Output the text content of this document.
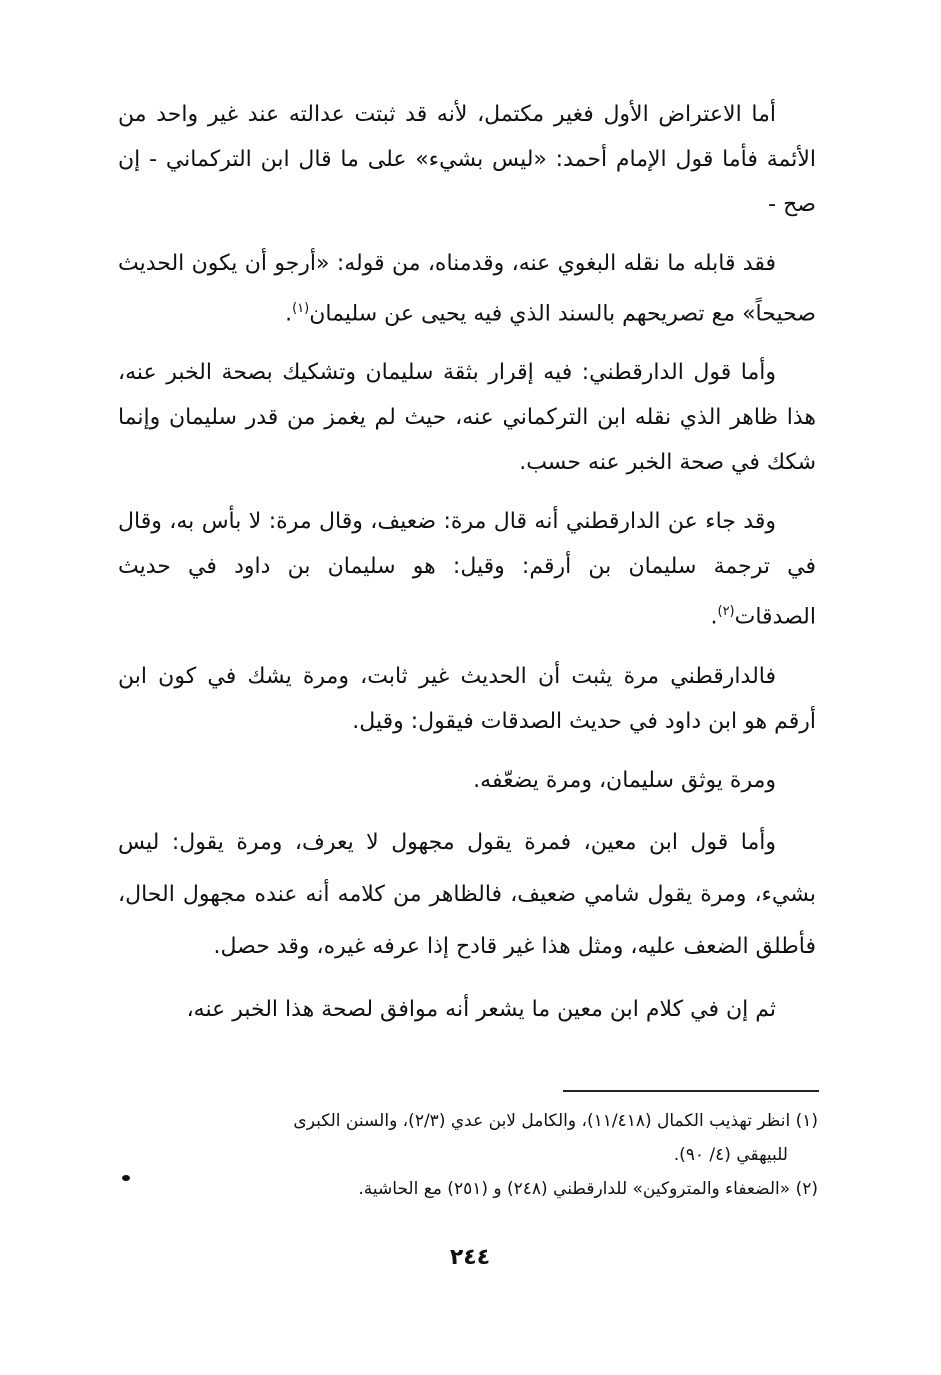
أما الاعتراض الأول فغير مكتمل، لأنه قد ثبتت عدالته عند غير واحد من الأئمة فأما قول الإمام أحمد: «ليس بشيء» على ما قال ابن التركماني - إن صح -

فقد قابله ما نقله البغوي عنه، وقدمناه، من قوله: «أرجو أن يكون الحديث صحيحاً» مع تصريحهم بالسند الذي فيه يحيى عن سليمان$^{(١)}$.

وأما قول الدارقطني: فيه إقرار بثقة سليمان وتشكيك بصحة الخبر عنه، هذا ظاهر الذي نقله ابن التركماني عنه، حيث لم يغمز من قدر سليمان وإنما شكك في صحة الخبر عنه حسب.

وقد جاء عن الدارقطني أنه قال مرة: ضعيف، وقال مرة: لا بأس به، وقال في ترجمة سليمان بن أرقم: وقيل: هو سليمان بن داود في حديث الصدقات$^{(٢)}$.

فالدارقطني مرة يثبت أن الحديث غير ثابت، ومرة يشك في كون ابن أرقم هو ابن داود في حديث الصدقات فيقول: وقيل.

ومرة يوثق سليمان، ومرة يضعّفه.

وأما قول ابن معين، فمرة يقول مجهول لا يعرف، ومرة يقول: ليس بشيء، ومرة يقول شامي ضعيف، فالظاهر من كلامه أنه عنده مجهول الحال، فأطلق الضعف عليه، ومثل هذا غير قادح إذا عرفه غيره، وقد حصل.

ثم إن في كلام ابن معين ما يشعر أنه موافق لصحة هذا الخبر عنه،

(١) انظر تهذيب الكمال (١١/٤١٨)، والكامل لابن عدي (٢/٣)، والسنن الكبرى

للبيهقي (٤/ ٩٠).

(٢) «الضعفاء والمتروكين» للدارقطني (٢٤٨) و (٢٥١) مع الحاشية.

٢٤٤
